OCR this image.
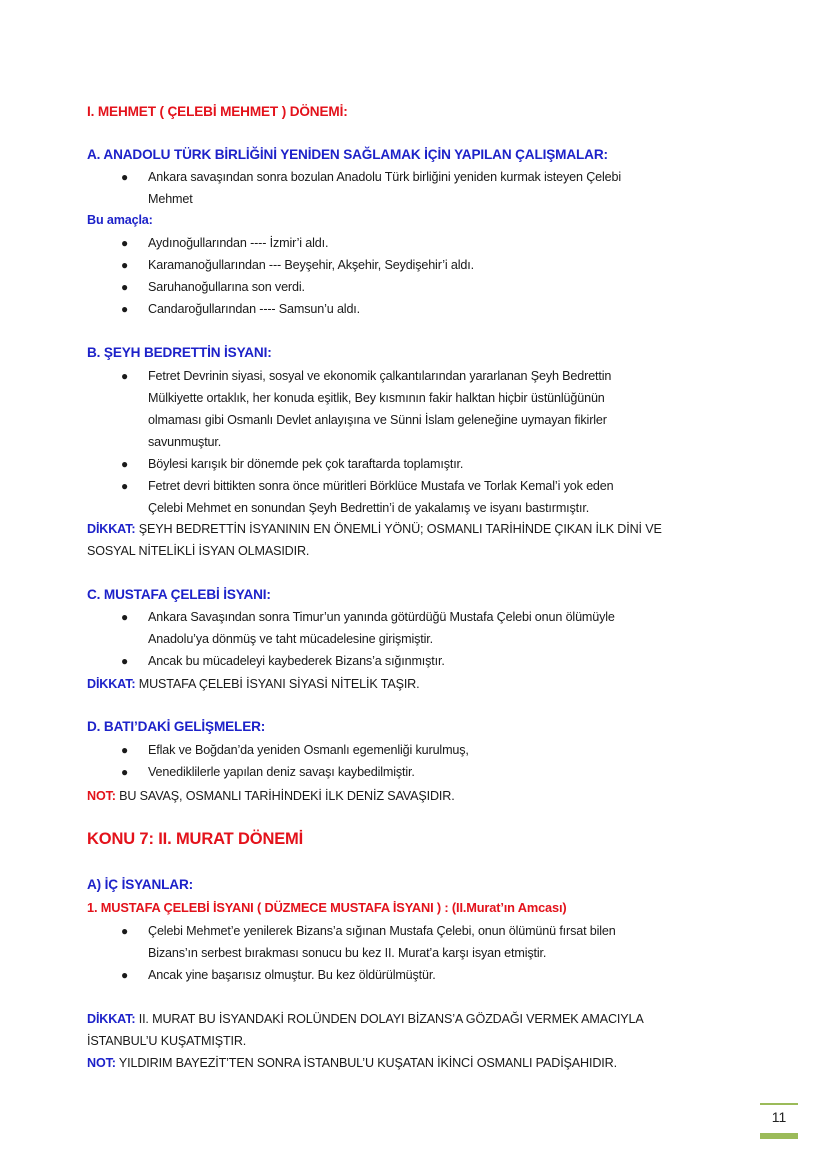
I. MEHMET ( ÇELEBİ MEHMET ) DÖNEMİ:
A. ANADOLU TÜRK BİRLİĞİNİ YENİDEN SAĞLAMAK İÇİN YAPILAN ÇALIŞMALAR:
● Ankara savaşından sonra bozulan Anadolu Türk birliğini yeniden kurmak isteyen Çelebi
Mehmet
Bu amaçla:
● Aydınoğullarından ---- İzmir’i aldı.
● Karamanoğullarından --- Beyşehir, Akşehir, Seydişehir’i aldı.
● Saruhanoğullarına son verdi.
● Candaroğullarından ---- Samsun’u aldı.
B. ŞEYH BEDRETTİN İSYANI:
● Fetret Devrinin siyasi, sosyal ve ekonomik çalkantılarından yararlanan Şeyh Bedrettin
Mülkiyette ortaklık, her konuda eşitlik, Bey kısmının fakir halktan hiçbir üstünlüğünün
olmaması gibi Osmanlı Devlet anlayışına ve Sünni İslam geleneğine uymayan fikirler
savunmuştur.
● Böylesi karışık bir dönemde pek çok taraftarda toplamıştır.
● Fetret devri bittikten sonra önce müritleri Börklüce Mustafa ve Torlak Kemal’i yok eden
Çelebi Mehmet en sonundan Şeyh Bedrettin’i de yakalamış ve isyanı bastırmıştır.
DİKKAT: ŞEYH BEDRETTİN İSYANININ EN ÖNEMLİ YÖNÜ; OSMANLI TARİHİNDE ÇIKAN İLK DİNİ VE
SOSYAL NİTELİKLİ İSYAN OLMASIDIR.
C. MUSTAFA ÇELEBİ İSYANI:
● Ankara Savaşından sonra Timur’un yanında götürdüğü Mustafa Çelebi onun ölümüyle
Anadolu’ya dönmüş ve taht mücadelesine girişmiştir.
● Ancak bu mücadeleyi kaybederek Bizans’a sığınmıştır.
DİKKAT: MUSTAFA ÇELEBİ İSYANI SİYASİ NİTELİK TAŞIR.
D. BATI’DAKİ GELİŞMELER:
● Eflak ve Boğdan’da yeniden Osmanlı egemenliği kurulmuş,
● Venediklilerle yapılan deniz savaşı kaybedilmiştir.
NOT: BU SAVAŞ, OSMANLI TARİHİNDEKİ İLK DENİZ SAVAŞIDIR.
KONU 7: II. MURAT DÖNEMİ
A) İÇ İSYANLAR:
1. MUSTAFA ÇELEBİ İSYANI ( DÜZMECE MUSTAFA İSYANI ) : (II.Murat’ın Amcası)
● Çelebi Mehmet’e yenilerek Bizans’a sığınan Mustafa Çelebi, onun ölümünü fırsat bilen
Bizans’ın serbest bırakması sonucu bu kez II. Murat’a karşı isyan etmiştir.
● Ancak yine başarısız olmuştur. Bu kez öldürülmüştür.
DİKKAT: II. MURAT BU İSYANDAKİ ROLÜNDEN DOLAYI BİZANS’A GÖZDAĞI VERMEK AMACIYLA
İSTANBUL’U KUŞATMIŞTIR.
NOT: YILDIRIM BAYEZİT’TEN SONRA İSTANBUL’U KUŞATAN İKİNCİ OSMANLI PADİŞAHIDIR.
11
